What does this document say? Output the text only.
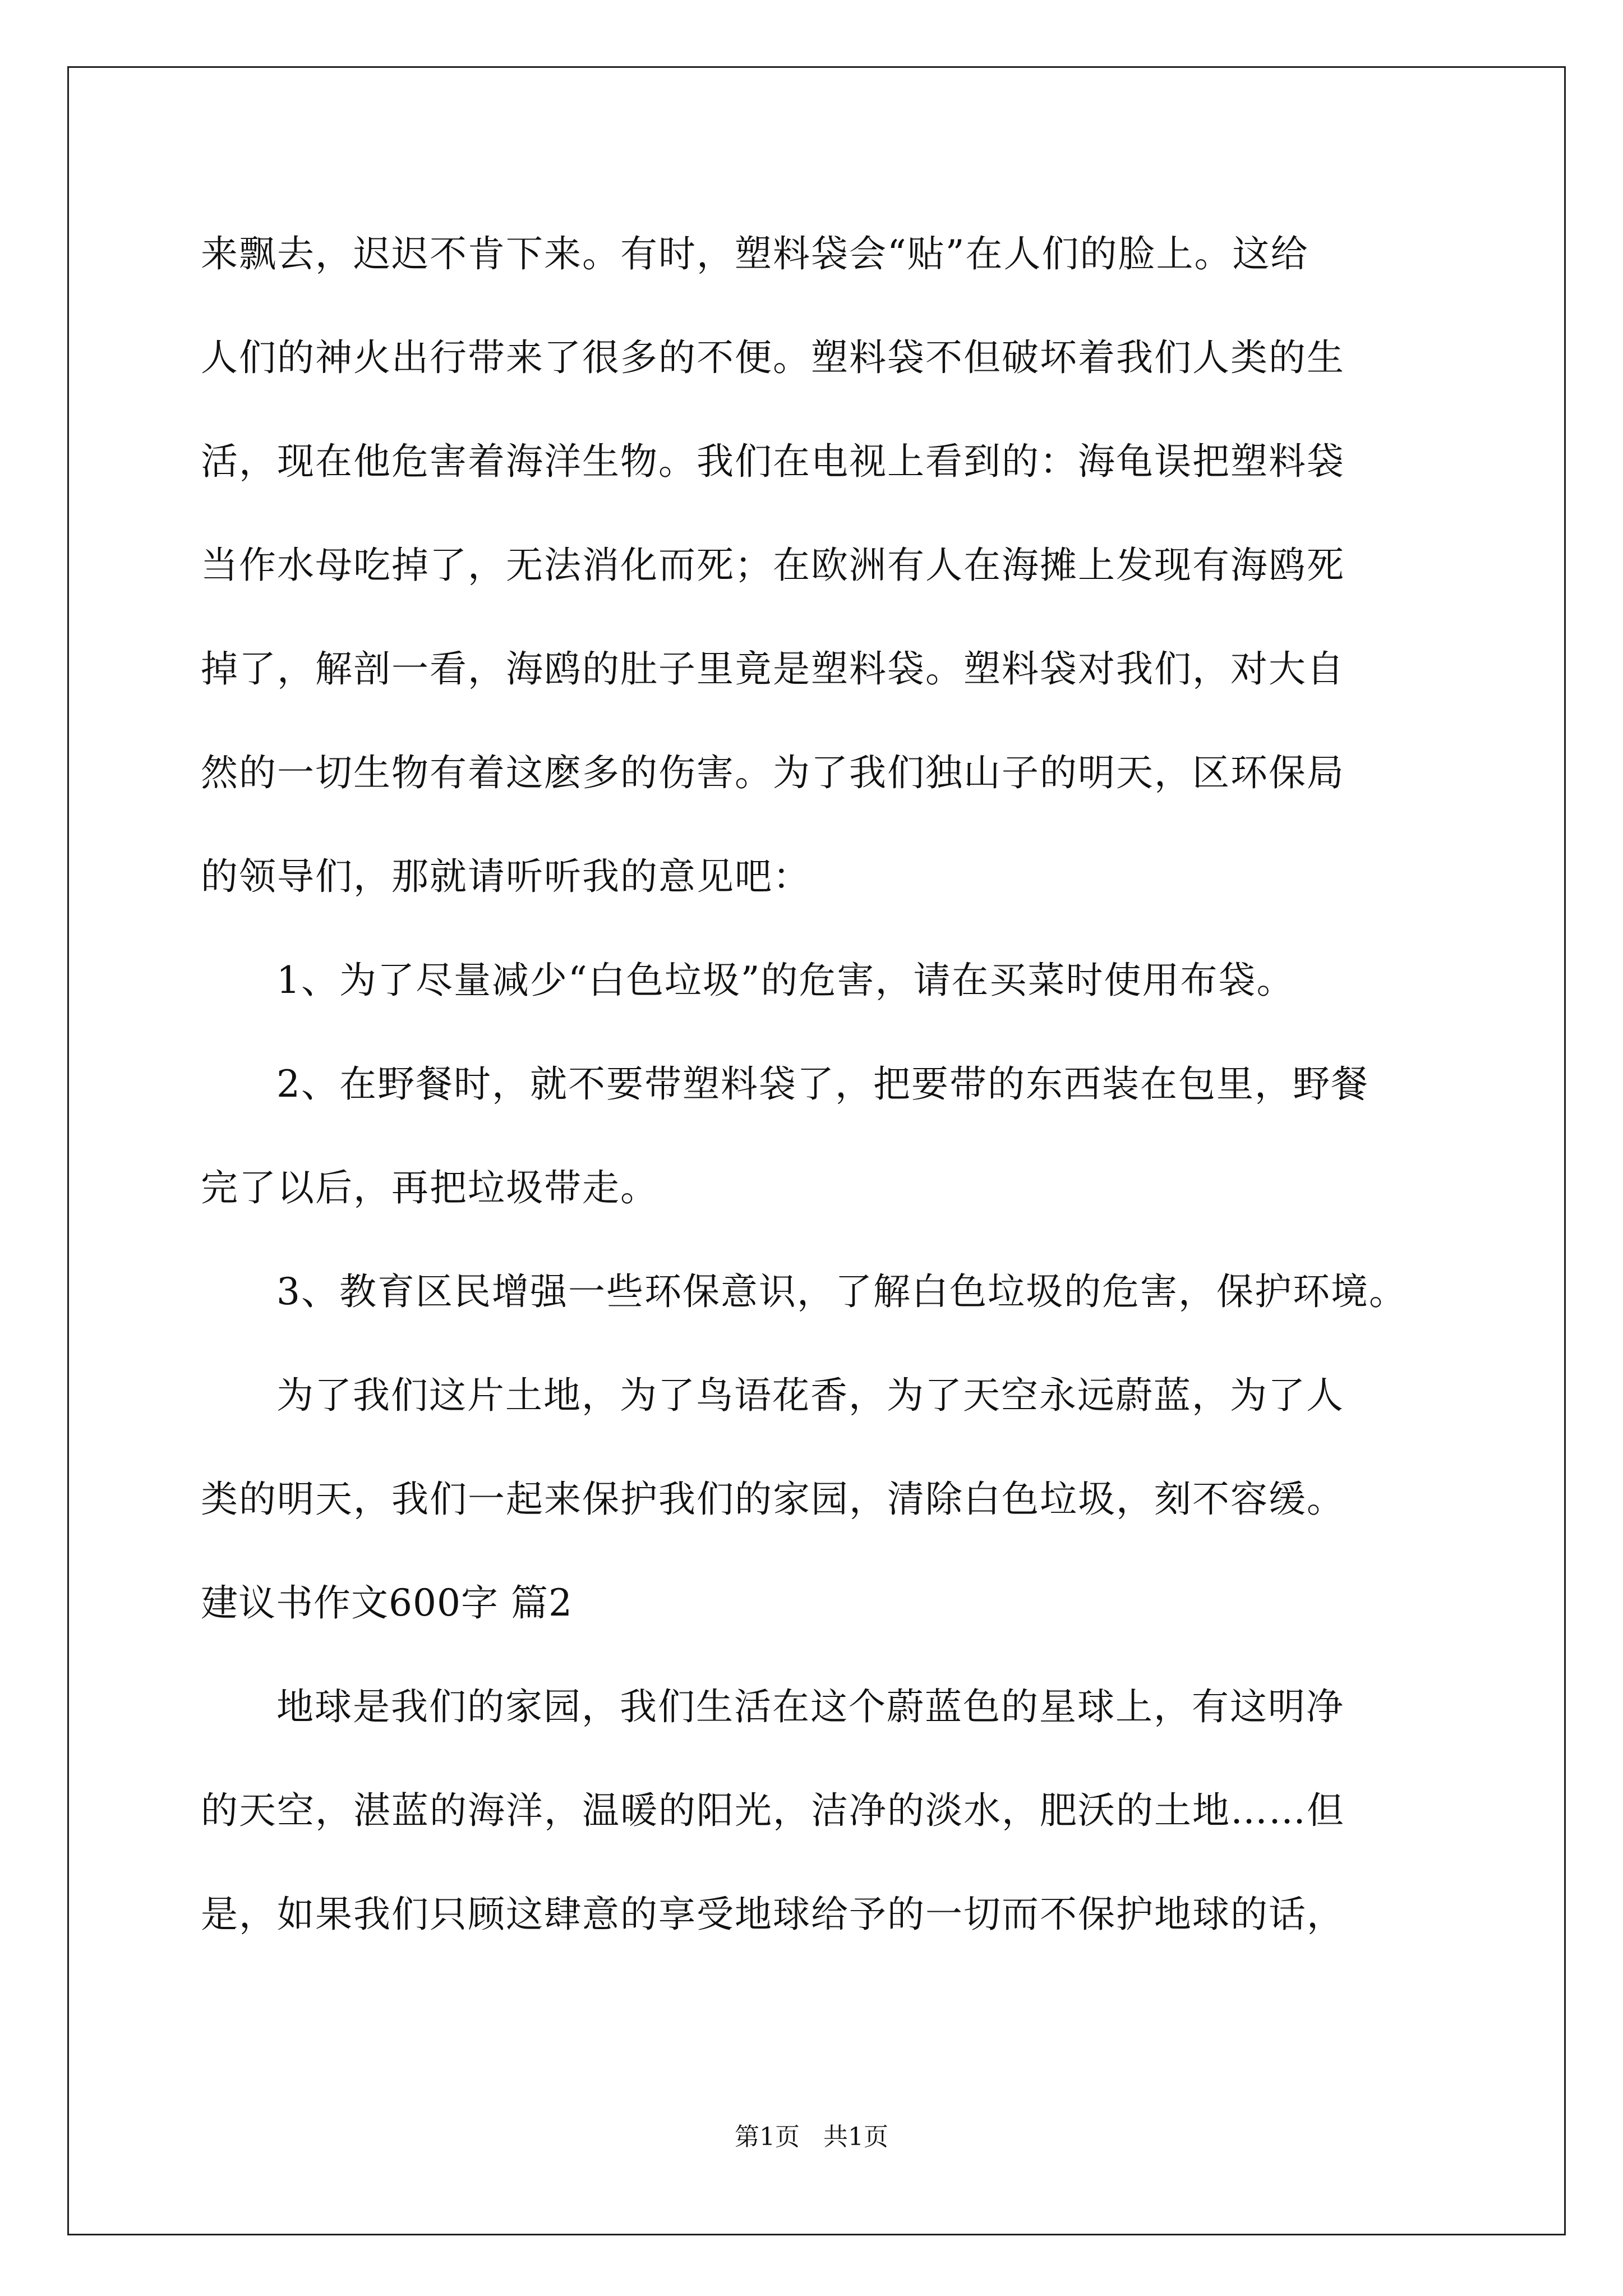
来飘去，迟迟不肯下来。有时，塑料袋会“贴”在人们的脸上。这给
人们的神火出行带来了很多的不便。塑料袋不但破坏着我们人类的生
活，现在他危害着海洋生物。我们在电视上看到的：海龟误把塑料袋
当作水母吃掉了，无法消化而死；在欧洲有人在海摊上发现有海鸥死
掉了，解剖一看，海鸥的肚子里竟是塑料袋。塑料袋对我们，对大自
然的一切生物有着这麽多的伤害。为了我们独山子的明天，区环保局
的领导们，那就请听听我的意见吧：
1、为了尽量减少“白色垃圾”的危害，请在买菜时使用布袋。
2、在野餐时，就不要带塑料袋了，把要带的东西装在包里，野餐
完了以后，再把垃圾带走。
3、教育区民增强一些环保意识，了解白色垃圾的危害，保护环境。
为了我们这片土地，为了鸟语花香，为了天空永远蔚蓝，为了人
类的明天，我们一起来保护我们的家园，清除白色垃圾，刻不容缓。
建议书作文600字 篇2
地球是我们的家园，我们生活在这个蔚蓝色的星球上，有这明净
的天空，湛蓝的海洋，温暖的阳光，洁净的淡水，肥沃的土地……但
是，如果我们只顾这肆意的享受地球给予的一切而不保护地球的话，
第1页 共1页
